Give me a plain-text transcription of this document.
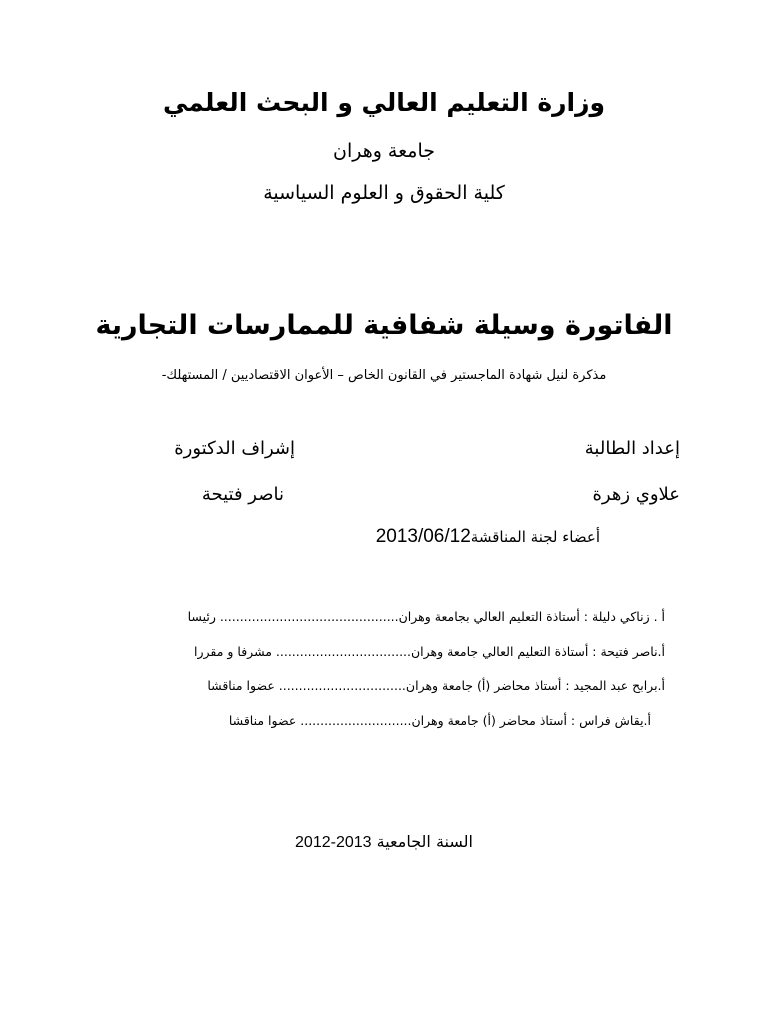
وزارة التعليم العالي و البحث العلمي
جامعة وهران
كلية الحقوق و العلوم السياسية
الفاتورة وسيلة شفافية للممارسات التجارية
مذكرة لنيل شهادة الماجستير في القانون الخاص – الأعوان الاقتصاديين / المستهلك-
إعداد الطالبة
إشراف الدكتورة
علاوي زهرة
ناصر فتيحة
أعضاء لجنة المناقشة2013/06/12
أ . زناكي دليلة : أستاذة التعليم العالي بجامعة وهران............................................. رئيسا
أ.ناصر فتيحة : أستاذة التعليم العالي جامعة وهران.................................. مشرفا و مقررا
أ.برابح عبد المجيد : أستاذ محاضر (أ) جامعة وهران................................ عضوا مناقشا
أ.يقاش فراس : أستاذ محاضر (أ) جامعة وهران............................ عضوا مناقشا
السنة الجامعية 2012-2013
